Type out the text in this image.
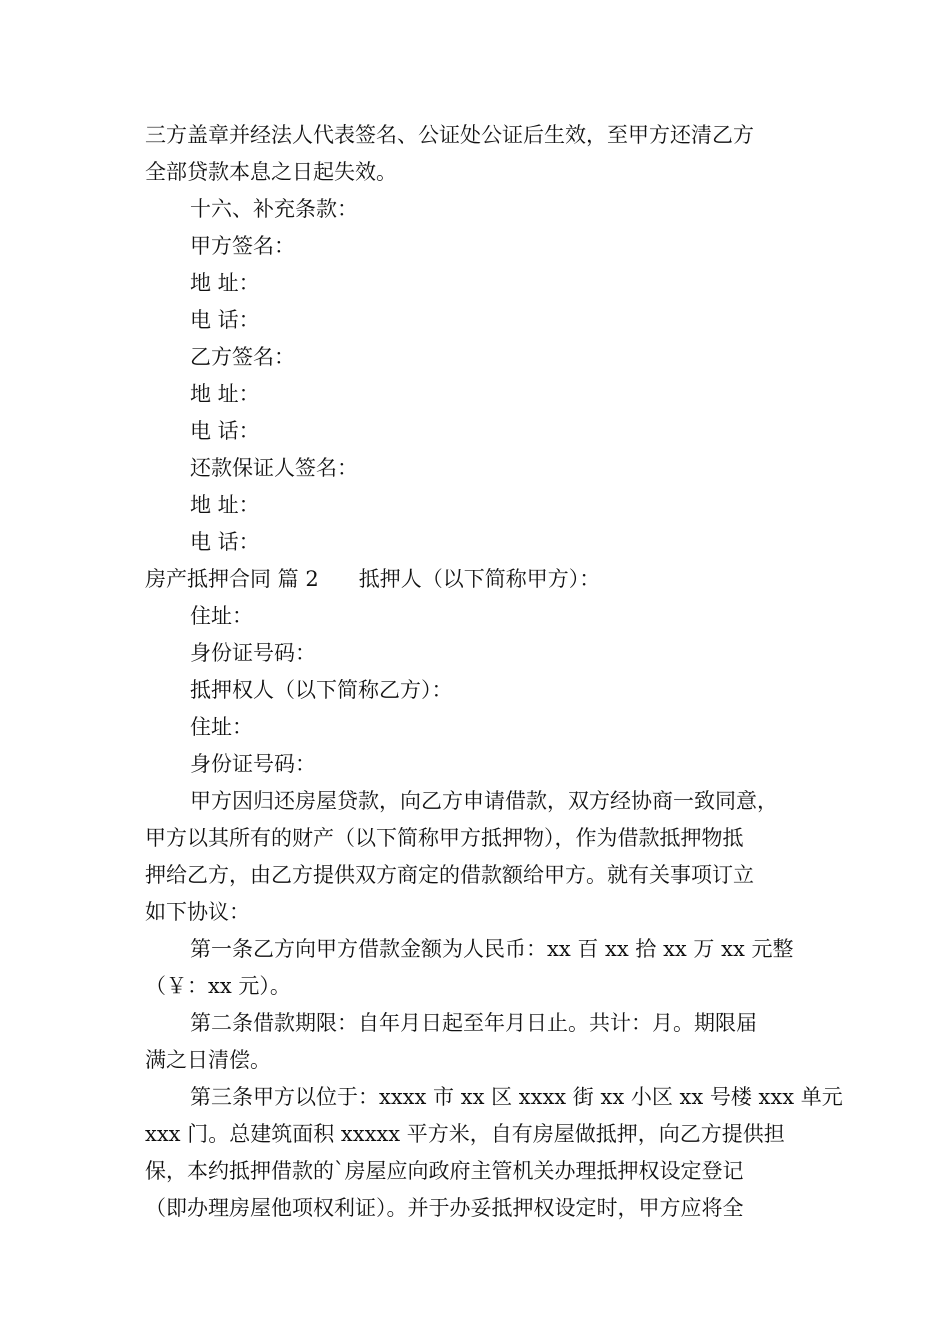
三方盖章并经法人代表签名、公证处公证后生效，至甲方还清乙方
全部贷款本息之日起失效。
十六、补充条款：
甲方签名：
地 址：
电 话：
乙方签名：
地 址：
电 话：
还款保证人签名：
地 址：
电 话：
房产抵押合同 篇 2 抵押人（以下简称甲方）：
住址：
身份证号码：
抵押权人（以下简称乙方）：
住址：
身份证号码：
甲方因归还房屋贷款，向乙方申请借款，双方经协商一致同意，
甲方以其所有的财产（以下简称甲方抵押物），作为借款抵押物抵
押给乙方，由乙方提供双方商定的借款额给甲方。就有关事项订立
如下协议：
第一条乙方向甲方借款金额为人民币：xx 百 xx 拾 xx 万 xx 元整
（￥：xx 元）。
第二条借款期限：自年月日起至年月日止。共计：月。期限届
满之日清偿。
第三条甲方以位于：xxxx 市 xx 区 xxxx 街 xx 小区 xx 号楼 xxx 单元
xxx 门。总建筑面积 xxxxx 平方米，自有房屋做抵押，向乙方提供担
保，本约抵押借款的`房屋应向政府主管机关办理抵押权设定登记
（即办理房屋他项权利证）。并于办妥抵押权设定时，甲方应将全
